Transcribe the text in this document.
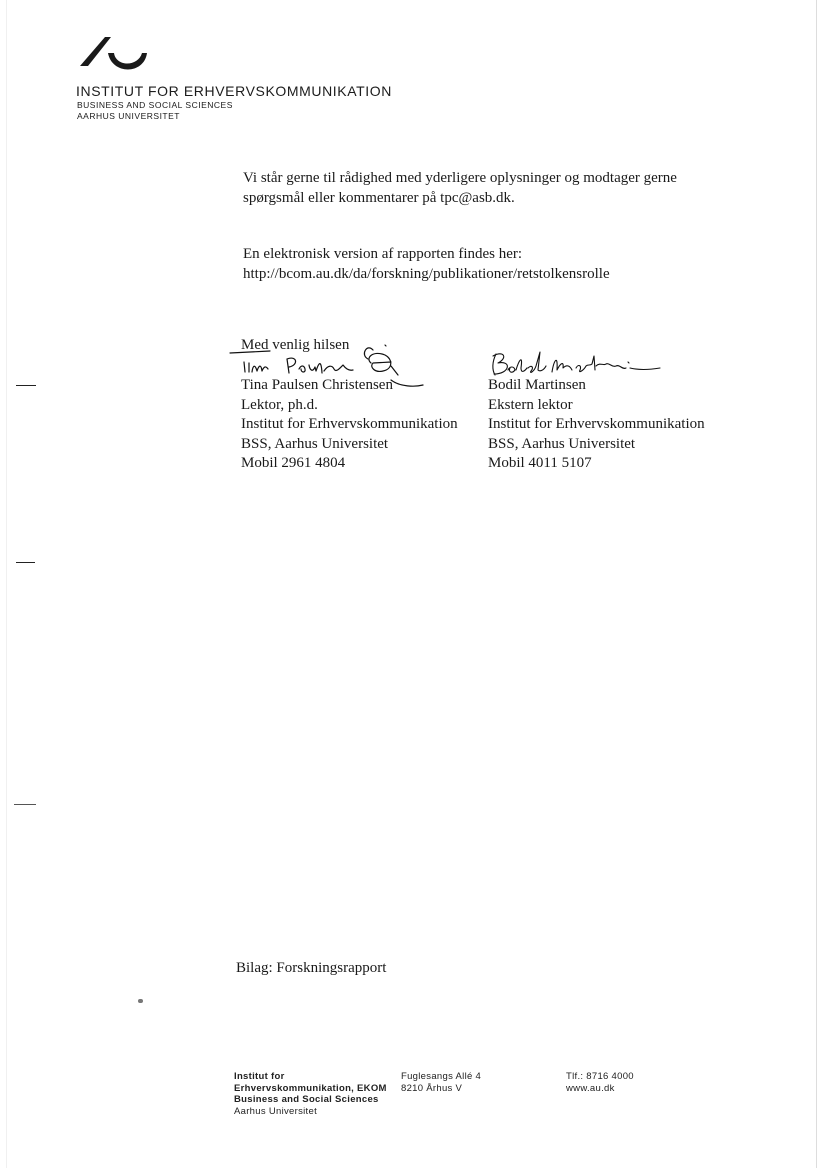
INSTITUT FOR ERHVERVSKOMMUNIKATION
BUSINESS AND SOCIAL SCIENCES
AARHUS UNIVERSITET
Vi står gerne til rådighed med yderligere oplysninger og modtager gerne
spørgsmål eller kommentarer på tpc@asb.dk.
En elektronisk version af rapporten findes her:
http://bcom.au.dk/da/forskning/publikationer/retstolkensrolle
Med venlig hilsen
Tina Paulsen Christensen
Lektor, ph.d.
Institut for Erhvervskommunikation
BSS, Aarhus Universitet
Mobil 2961 4804
Bodil Martinsen
Ekstern lektor
Institut for Erhvervskommunikation
BSS, Aarhus Universitet
Mobil 4011 5107
Bilag: Forskningsrapport
Institut for
Erhvervskommunikation, EKOM
Business and Social Sciences
Aarhus Universitet
Fuglesangs Allé 4
8210 Århus V
Tlf.: 8716 4000
www.au.dk
